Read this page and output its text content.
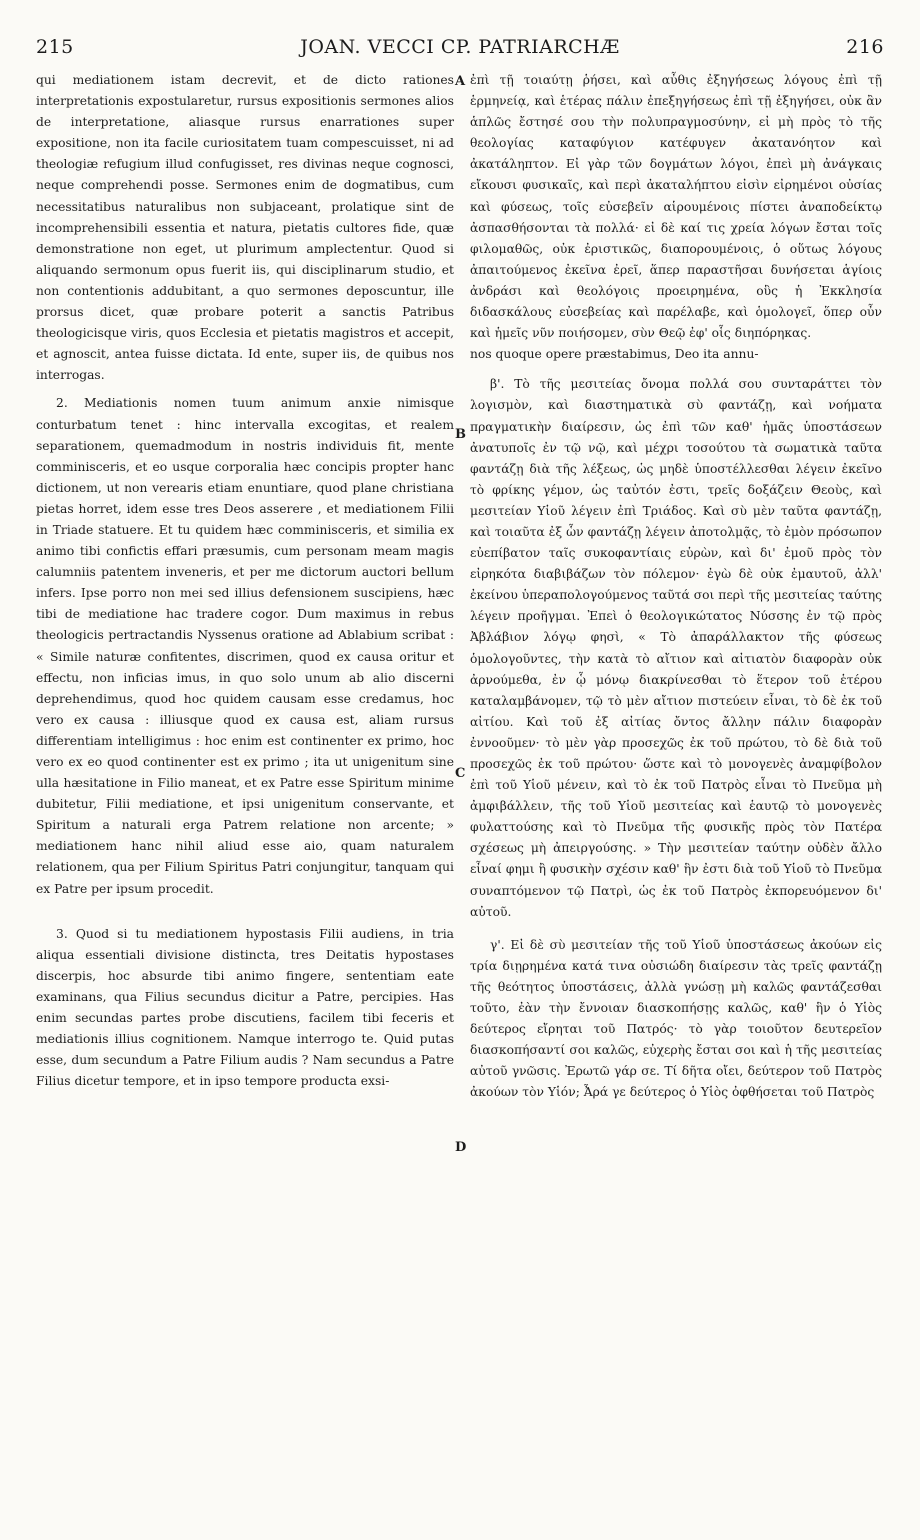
215	JOAN. VECCI CP. PATRIARCHÆ	216

qui mediationem istam decrevit, et de dicto rationes interpretationis expostularetur, rursus expositionis sermones alios de interpretatione, aliasque rursus enarrationes super expositione, non ita facile curiositatem tuam compescuisset, ni ad theologiæ refugium illud confugisset, res divinas neque cognosci, neque comprehendi posse. Sermones enim de dogmatibus, cum necessitatibus naturalibus non subjaceant, prolatique sint de incomprehensibili essentia et natura, pietatis cultores fide, quæ demonstratione non eget, ut plurimum amplectentur. Quod si aliquando sermonum opus fuerit iis, qui disciplinarum studio, et non contentionis addubitant, a quo sermones deposcuntur, ille prorsus dicet, quæ probare poterit a sanctis Patribus theologicisque viris, quos Ecclesia et pietatis magistros et accepit, et agnoscit, antea fuisse dictata. Id ente, super iis, de quibus nos interrogas.

2. Mediationis nomen tuum animum anxie nimisque conturbatum tenet : hinc intervalla excogitas, et realem separationem, quemadmodum in nostris individuis fit, mente comminisceris, et eo usque corporalia hæc concipis propter hanc dictionem, ut non verearis etiam enuntiare, quod plane christiana pietas horret, idem esse tres Deos asserere , et mediationem Filii in Triade statuere. Et tu quidem hæc comminisceris, et similia ex animo tibi confictis effari præsumis, cum personam meam magis calumniis patentem inveneris, et per me dictorum auctori bellum infers. Ipse porro non mei sed illius defensionem suscipiens, hæc tibi de mediatione hac tradere cogor. Dum maximus in rebus theologicis pertractandis Nyssenus oratione ad Ablabium scribat : « Simile naturæ confitentes, discrimen, quod ex causa oritur et effectu, non inficias imus, in quo solo unum ab alio discerni deprehendimus, quod hoc quidem causam esse credamus, hoc vero ex causa : illiusque quod ex causa est, aliam rursus differentiam intelligimus : hoc enim est continenter ex primo, hoc vero ex eo quod continenter est ex primo ; ita ut unigenitum sine ulla hæsitatione in Filio maneat, et ex Patre esse Spiritum minime dubitetur, Filii mediatione, et ipsi unigenitum conservante, et Spiritum a naturali erga Patrem relatione non arcente; » mediationem hanc nihil aliud esse aio, quam naturalem relationem, qua per Filium Spiritus Patri conjungitur, tanquam qui ex Patre per ipsum procedit.

3. Quod si tu mediationem hypostasis Filii audiens, in tria aliqua essentiali divisione distincta, tres Deitatis hypostases discerpis, hoc absurde tibi animo fingere, sententiam eate examinans, qua Filius secundus dicitur a Patre, percipies. Has enim secundas partes probe discutiens, facilem tibi feceris et mediationis illius cognitionem. Namque interrogo te. Quid putas esse, dum secundum a Patre Filium audis ? Nam secundus a Patre Filius dicetur tempore, et in ipso tempore producta exsi-

ἐπὶ τῇ τοιαύτῃ ῥήσει, καὶ αὖθις ἐξηγήσεως λόγους ἐπὶ τῇ ἑρμηνείᾳ, καὶ ἑτέρας πάλιν ἐπεξηγήσεως ἐπὶ τῇ ἐξηγήσει, οὐκ ἂν ἁπλῶς ἔστησέ σου τὴν πολυπραγμοσύνην, εἰ μὴ πρὸς τὸ τῆς θεολογίας καταφύγιον κατέφυγεν ἀκατανόητον καὶ ἀκατάληπτον. Εἰ γὰρ τῶν δογμάτων λόγοι, ἐπεὶ μὴ ἀνάγκαις εἴκουσι φυσικαῖς, καὶ περὶ ἀκαταλήπτου εἰσὶν εἰρημένοι οὐσίας καὶ φύσεως, τοῖς εὐσεβεῖν αἱρουμένοις πίστει ἀναποδείκτῳ ἀσπασθήσονται τὰ πολλά· εἰ δὲ καί τις χρεία λόγων ἔσται τοῖς φιλομαθῶς, οὐκ ἐριστικῶς, διαπορουμένοις, ὁ οὕτως λόγους ἀπαιτούμενος ἐκεῖνα ἐρεῖ, ἅπερ παραστῆσαι δυνήσεται ἁγίοις ἀνδράσι καὶ θεολόγοις προειρημένα, οὓς ἡ Ἐκκλησία διδασκάλους εὐσεβείας καὶ παρέλαβε, καὶ ὁμολογεῖ, ὅπερ οὖν καὶ ἡμεῖς νῦν ποιήσομεν, σὺν Θεῷ ἐφ' οἷς διηπόρηκας.

nos quoque opere præstabimus, Deo ita annu-

β'. Τὸ τῆς μεσιτείας ὄνομα πολλά σου συνταράττει τὸν λογισμὸν, καὶ διαστηματικὰ σὺ φαντάζῃ, καὶ νοήματα πραγματικὴν διαίρεσιν, ὡς ἐπὶ τῶν καθ' ἡμᾶς ὑποστάσεων ἀνατυποῖς ἐν τῷ νῷ, καὶ μέχρι τοσούτου τὰ σωματικὰ ταῦτα φαντάζῃ διὰ τῆς λέξεως, ὡς μηδὲ ὑποστέλλεσθαι λέγειν ἐκεῖνο τὸ φρίκης γέμον, ὡς ταὐτόν ἐστι, τρεῖς δοξάζειν Θεοὺς, καὶ μεσιτείαν Υἱοῦ λέγειν ἐπὶ Τριάδος. Καὶ σὺ μὲν ταῦτα φαντάζῃ, καὶ τοιαῦτα ἐξ ὧν φαντάζῃ λέγειν ἀποτολμᾷς, τὸ ἐμὸν πρόσωπον εὐεπίβατον ταῖς συκοφαντίαις εὑρὼν, καὶ δι' ἐμοῦ πρὸς τὸν εἰρηκότα διαβιβάζων τὸν πόλεμον· ἐγὼ δὲ οὐκ ἐμαυτοῦ, ἀλλ' ἐκείνου ὑπεραπολογούμενος ταῦτά σοι περὶ τῆς μεσιτείας ταύτης λέγειν προῆγμαι. Ἐπεὶ ὁ θεολογικώτατος Νύσσης ἐν τῷ πρὸς Ἀβλάβιον λόγῳ φησὶ, « Τὸ ἀπαράλλακτον τῆς φύσεως ὁμολογοῦντες, τὴν κατὰ τὸ αἴτιον καὶ αἰτιατὸν διαφορὰν οὐκ ἀρνούμεθα, ἐν ᾧ μόνῳ διακρίνεσθαι τὸ ἕτερον τοῦ ἑτέρου καταλαμβάνομεν, τῷ τὸ μὲν αἴτιον πιστεύειν εἶναι, τὸ δὲ ἐκ τοῦ αἰτίου. Καὶ τοῦ ἐξ αἰτίας ὄντος ἄλλην πάλιν διαφορὰν ἐννοοῦμεν· τὸ μὲν γὰρ προσεχῶς ἐκ τοῦ πρώτου, τὸ δὲ διὰ τοῦ προσεχῶς ἐκ τοῦ πρώτου· ὥστε καὶ τὸ μονογενὲς ἀναμφίβολον ἐπὶ τοῦ Υἱοῦ μένειν, καὶ τὸ ἐκ τοῦ Πατρὸς εἶναι τὸ Πνεῦμα μὴ ἀμφιβάλλειν, τῆς τοῦ Υἱοῦ μεσιτείας καὶ ἑαυτῷ τὸ μονογενὲς φυλαττούσης καὶ τὸ Πνεῦμα τῆς φυσικῆς πρὸς τὸν Πατέρα σχέσεως μὴ ἀπειργούσης. » Τὴν μεσιτείαν ταύτην οὐδὲν ἄλλο εἶναί φημι ἢ φυσικὴν σχέσιν καθ' ἣν ἐστι διὰ τοῦ Υἱοῦ τὸ Πνεῦμα συναπτόμενον τῷ Πατρὶ, ὡς ἐκ τοῦ Πατρὸς ἐκπορευόμενον δι' αὐτοῦ.

γ'. Εἰ δὲ σὺ μεσιτείαν τῆς τοῦ Υἱοῦ ὑποστάσεως ἀκούων εἰς τρία διῃρημένα κατά τινα οὐσιώδη διαίρεσιν τὰς τρεῖς φαντάζῃ τῆς θεότητος ὑποστάσεις, ἀλλὰ γνώσῃ μὴ καλῶς φαντάζεσθαι τοῦτο, ἐὰν τὴν ἔννοιαν διασκοπήσῃς καλῶς, καθ' ἣν ὁ Υἱὸς δεύτερος εἴρηται τοῦ Πατρός· τὸ γὰρ τοιοῦτον δευτερεῖον διασκοπήσαντί σοι καλῶς, εὐχερὴς ἔσται σοι καὶ ἡ τῆς μεσιτείας αὐτοῦ γνῶσις. Ἐρωτῶ γάρ σε. Τί δῆτα οἴει, δεύτερον τοῦ Πατρὸς ἀκούων τὸν Υἱόν; Ἆρά γε δεύτερος ὁ Υἱὸς ὀφθήσεται τοῦ Πατρὸς

A
B
C
D
